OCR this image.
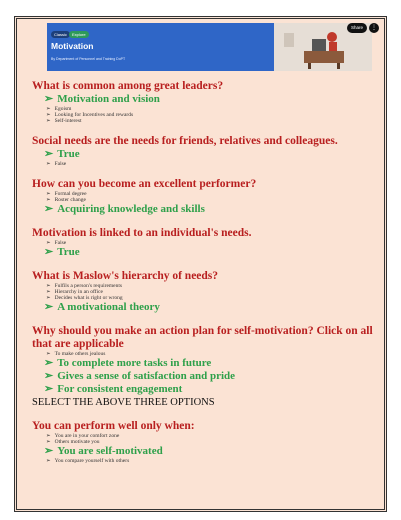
Classic	Explore
Motivation
By Department of Personnel and Training DoPT
Share	⋮

What is common among great leaders?

➢ Motivation and vision

➢ Egoism

➢ Looking for Incentives and rewards

➢ Self-interest

Social needs are the needs for friends, relatives and colleagues.

➢ True

➢ False

How can you become an excellent performer?

➢ Formal degree

➢ Roster change

➢ Acquiring knowledge and skills

Motivation is linked to an individual's needs.

➢ False

➢ True

What is Maslow's hierarchy of needs?

➢ Fulfils a person's requirements

➢ Hierarchy in an office

➢ Decides what is right or wrong

➢ A motivational theory

Why should you make an action plan for self-motivation? Click on all that are applicable

➢ To make others jealous

➢ To complete more tasks in future

➢ Gives a sense of satisfaction and pride

➢ For consistent engagement

SELECT THE ABOVE THREE OPTIONS

You can perform well only when:

➢ You are in your comfort zone

➢ Others motivate you

➢ You are self-motivated

➢ You compare yourself with others
